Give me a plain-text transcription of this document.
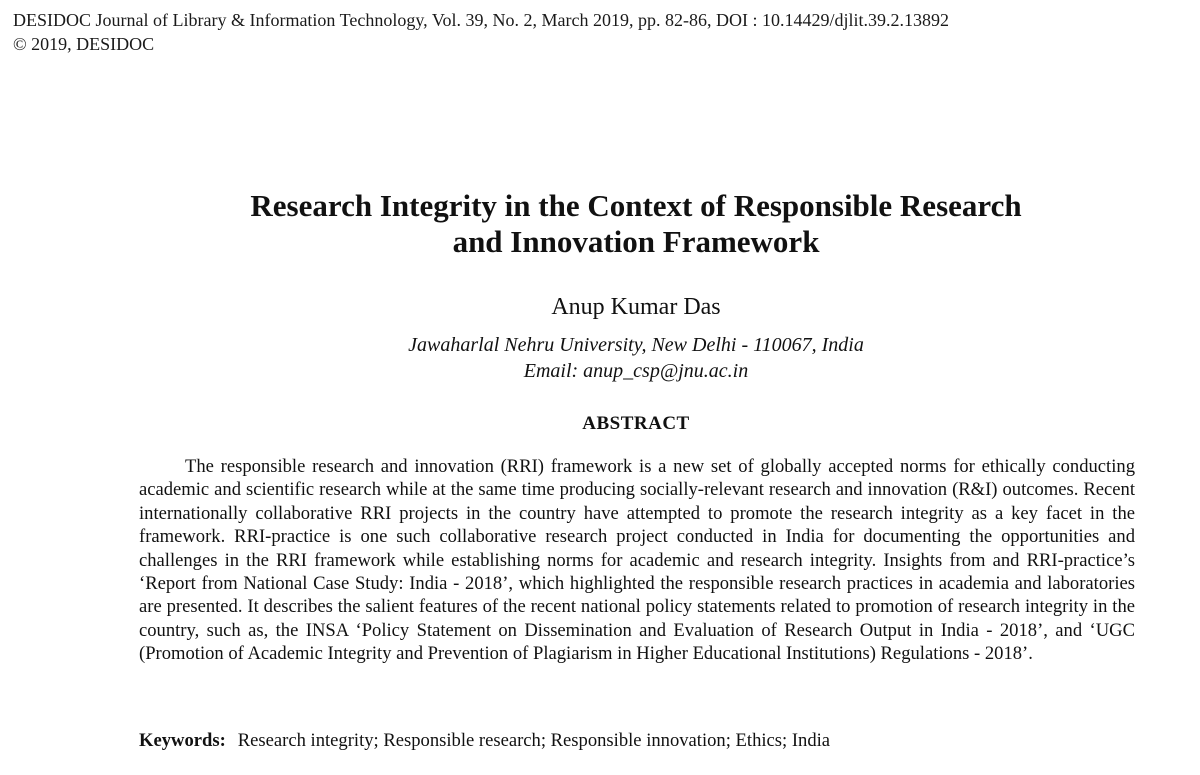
DESIDOC Journal of Library & Information Technology, Vol. 39, No. 2, March 2019, pp. 82-86, DOI : 10.14429/djlit.39.2.13892
© 2019, DESIDOC
Research Integrity in the Context of Responsible Research
and Innovation Framework
Anup Kumar Das
Jawaharlal Nehru University, New Delhi - 110067, India
Email: anup_csp@jnu.ac.in
ABSTRACT

The responsible research and innovation (RRI) framework is a new set of globally accepted norms for ethically conducting academic and scientific research while at the same time producing socially-relevant research and innovation (R&I) outcomes. Recent internationally collaborative RRI projects in the country have attempted to promote the research integrity as a key facet in the framework. RRI-practice is one such collaborative research project conducted in India for documenting the opportunities and challenges in the RRI framework while establishing norms for academic and research integrity. Insights from and RRI-practice’s ‘Report from National Case Study: India - 2018’, which highlighted the responsible research practices in academia and laboratories are presented. It describes the salient features of the recent national policy statements related to promotion of research integrity in the country, such as, the INSA ‘Policy Statement on Dissemination and Evaluation of Research Output in India - 2018’, and ‘UGC (Promotion of Academic Integrity and Prevention of Plagiarism in Higher Educational Institutions) Regulations - 2018’.

Keywords: Research integrity; Responsible research; Responsible innovation; Ethics; India
